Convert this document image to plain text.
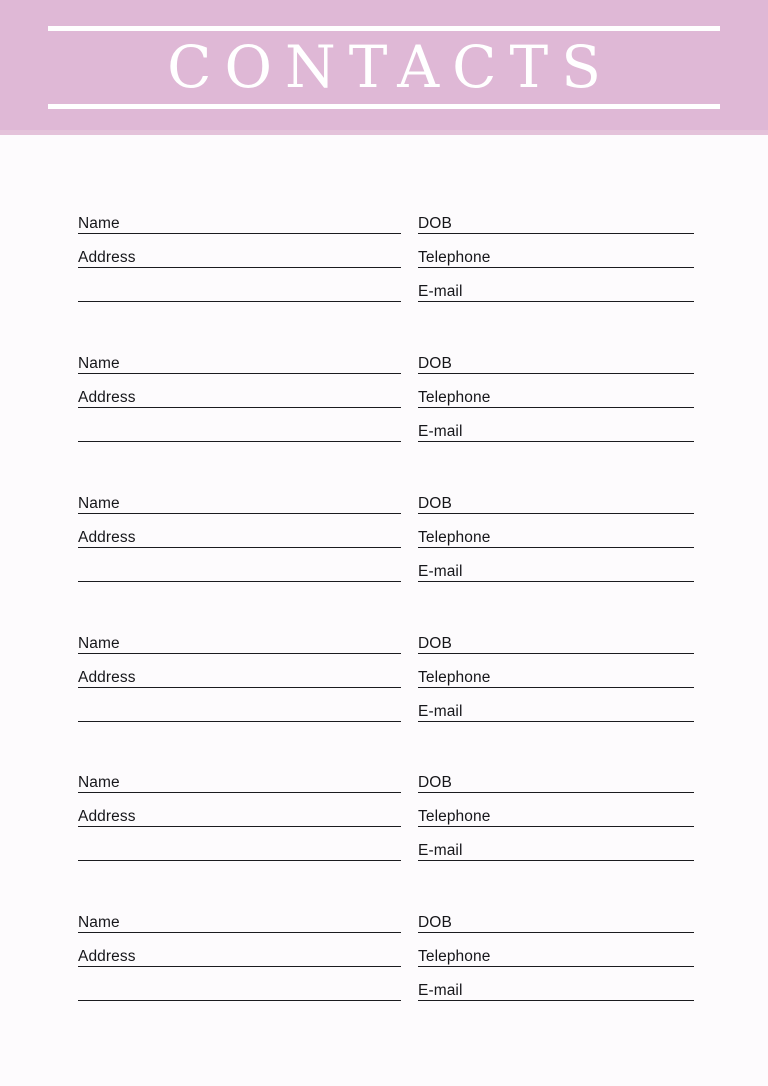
CONTACTS
Name
Address
DOB
Telephone
E-mail
Name
Address
DOB
Telephone
E-mail
Name
Address
DOB
Telephone
E-mail
Name
Address
DOB
Telephone
E-mail
Name
Address
DOB
Telephone
E-mail
Name
Address
DOB
Telephone
E-mail
